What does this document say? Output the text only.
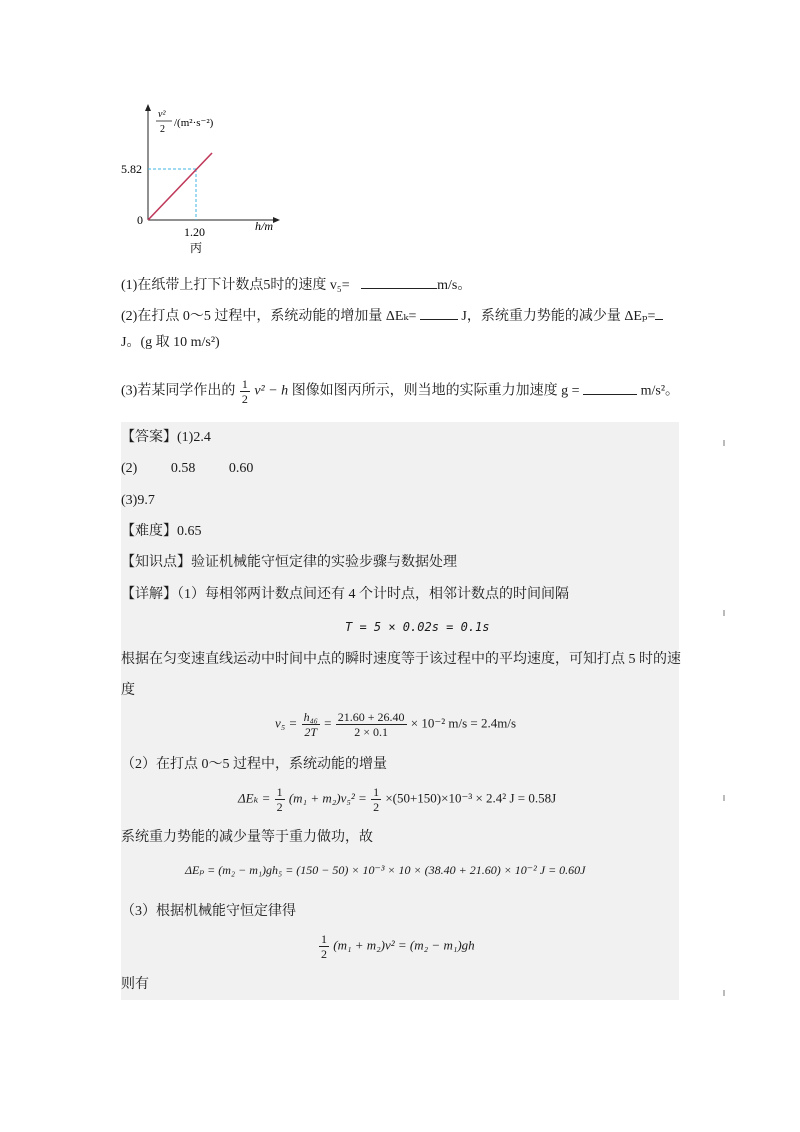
v²
2
/(m²·s⁻²)
5.82
0
1.20	h/m
丙
(1)在纸带上打下计数点5时的速度 v₅=	m/s。
(2)在打点 0～5 过程中，系统动能的增加量 ΔEₖ=	J，系统重力势能的减少量 ΔEₚ=
J。(g 取 10 m/s²)
(3)若某同学作出的 $\frac{1}{2} v^2 - h$ 图像如图丙所示，则当地的实际重力加速度 g =	m/s²。
【答案】(1)2.4
(2) 0.58 0.60
(3)9.7
【难度】0.65
【知识点】验证机械能守恒定律的实验步骤与数据处理
【详解】（1）每相邻两计数点间还有 4 个计时点，相邻计数点的时间间隔
T = 5 × 0.02s = 0.1s
根据在匀变速直线运动中时间中点的瞬时速度等于该过程中的平均速度，可知打点 5 时的速
度
$v_5 = \frac{\text{h₄₆}}{2T} = \frac{21.60 + 26.40}{2 \times 0.1} \times 10^{-2}$ m/s = 2.4m/s
（2）在打点 0～5 过程中，系统动能的增量
$\Delta E_k = \frac{1}{2} (m_1 + m_2)v_5^2 = \frac{1}{2} \times(50+150)\times 10^{-3} \times 2.4^2$ J = 0.58J
系统重力势能的减少量等于重力做功，故
ΔEₚ = (m₂ − m₁)gh₅ = (150 − 50) × 10⁻³ × 10 × (38.40 + 21.60) × 10⁻² J = 0.60J
（3）根据机械能守恒定律得
$\frac{1}{2} (m_1 + m_2)v^2 = (m_2 - m_1)gh$
则有
